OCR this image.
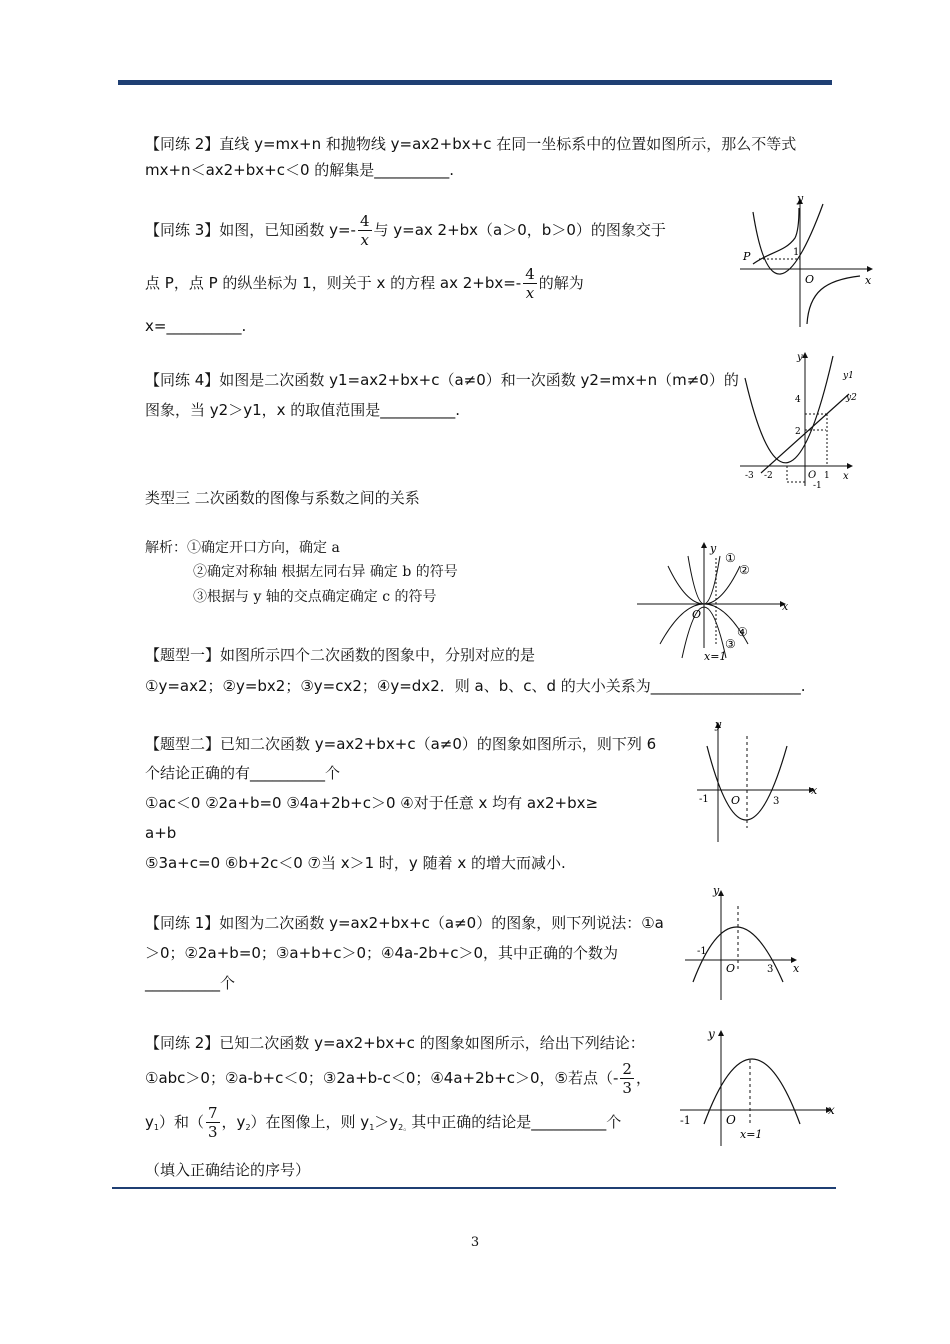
【同练 2】直线 y=mx+n 和抛物线 y=ax2+bx+c 在同一坐标系中的位置如图所示，那么不等式
mx+n＜ax2+bx+c＜0 的解集是__________.
【同练 3】如图，已知函数 $y=- \frac{4}{x}$ 与 y=ax 2+bx（a＞0，b＞0）的图象交于
点 P，点 P 的纵坐标为 1，则关于 x 的方程 ax $2+bx=- \frac{4}{x}$ 的解为
x=__________.
y
x
P
O
1
【同练 4】如图是二次函数 y1=ax2+bx+c（a≠0）和一次函数 y2=mx+n（m≠0）的
图象，当 y2＞y1，x 的取值范围是__________.
y
y1
y2
4
2
-3 -2	O 1
-1
x
类型三 二次函数的图像与系数之间的关系
解析：①确定开口方向，确定 a
②确定对称轴 根据左同右异 确定 b 的符号
③根据与 y 轴的交点确定确定 c 的符号
y
x
O
①
②
③
④
x=1
【题型一】如图所示四个二次函数的图象中，分别对应的是
①y=ax2；②y=bx2；③y=cx2；④y=dx2．则 a、b、c、d 的大小关系为____________________.
【题型二】已知二次函数 y=ax2+bx+c（a≠0）的图象如图所示，则下列 6
个结论正确的有__________个
①ac＜0 ②2a+b=0 ③4a+2b+c＞0 ④对于任意 x 均有 ax2+bx≥
a+b
⑤3a+c=0 ⑥b+2c＜0 ⑦当 x＞1 时，y 随着 x 的增大而减小.
y
x
-1 O	3
【同练 1】如图为二次函数 y=ax2+bx+c（a≠0）的图象，则下列说法：①a
＞0；②2a+b=0；③a+b+c＞0；④4a-2b+c＞0，其中正确的个数为
__________个
y
x
-1
O	3
【同练 2】已知二次函数 y=ax2+bx+c 的图象如图所示，给出下列结论：
①abc＞0；②a-b+c＜0；③2a+b-c＜0；④4a+2b+c＞0，⑤若点（- $\frac{2}{3}$ ，
$y_1$）和（ $\frac{7}{3}$ ，$y_2$）在图像上，则 $y_1>y_{2。}$其中正确的结论是__________个
（填入正确结论的序号）
y
x
-1	O
x=1
3
